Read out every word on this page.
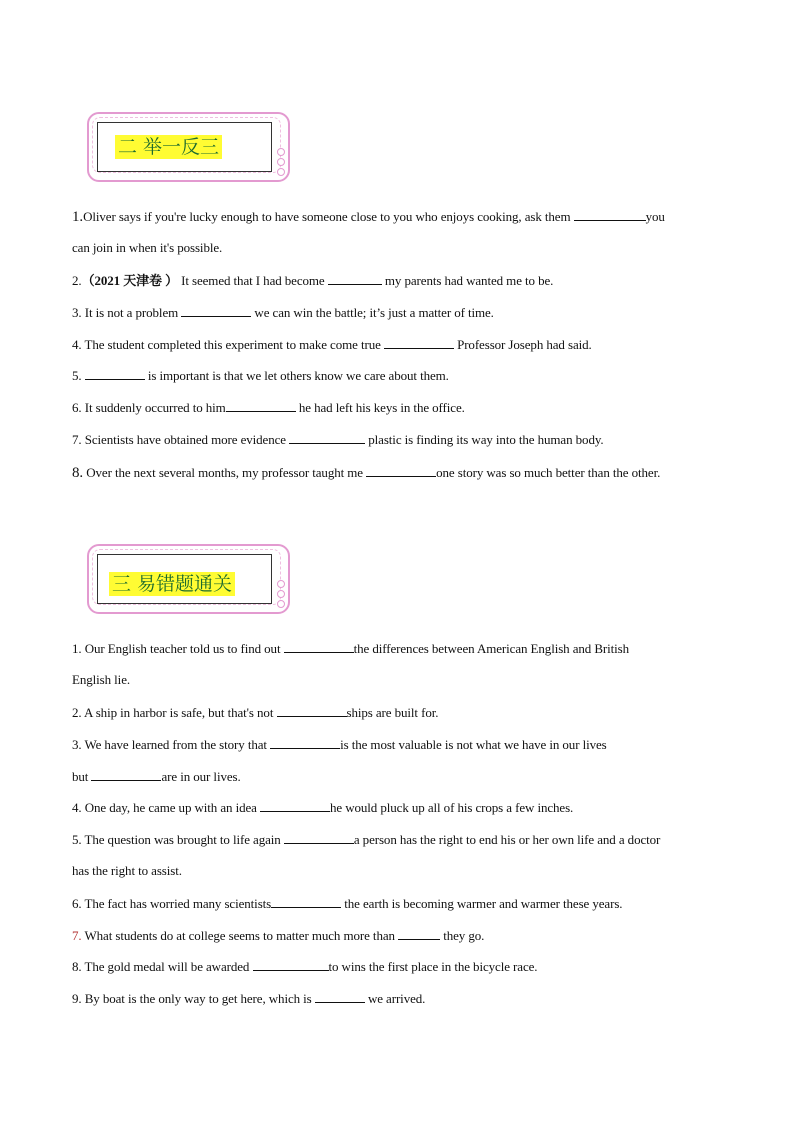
二 举一反三
1.Oliver says if you're lucky enough to have someone close to you who enjoys cooking, ask them	you
can join in when it's possible.
2.（2021 天津卷 ） It seemed that I had become	my parents had wanted me to be.
3. It is not a problem	we can win the battle; it’s just a matter of time.
4. The student completed this experiment to make come true	Professor Joseph had said.
5.	is important is that we let others know we care about them.
6. It suddenly occurred to him	he had left his keys in the office.
7. Scientists have obtained more evidence	plastic is finding its way into the human body.
8. Over the next several months, my professor taught me	one story was so much better than the other.
三 易错题通关
1. Our English teacher told us to find out	the differences between American English and British
English lie.
2. A ship in harbor is safe, but that's not	ships are built for.
3. We have learned from the story that	is the most valuable is not what we have in our lives
but	are in our lives.
4. One day, he came up with an idea	he would pluck up all of his crops a few inches.
5. The question was brought to life again	a person has the right to end his or her own life and a doctor
has the right to assist.
6. The fact has worried many scientists	the earth is becoming warmer and warmer these years.
7. What students do at college seems to matter much more than	they go.
8. The gold medal will be awarded	to wins the first place in the bicycle race.
9. By boat is the only way to get here, which is	we arrived.
